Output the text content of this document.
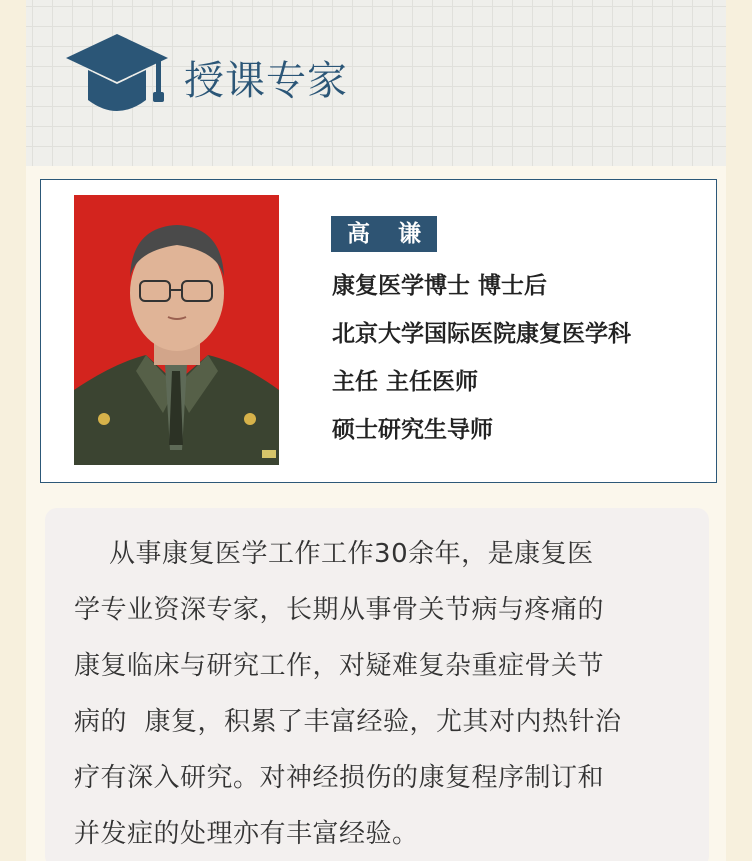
授课专家
高 谦
康复医学博士 博士后
北京大学国际医院康复医学科
主任 主任医师
硕士研究生导师
从事康复医学工作工作30余年，是康复医
学专业资深专家，长期从事骨关节病与疼痛的
康复临床与研究工作，对疑难复杂重症骨关节
病的  康复，积累了丰富经验，尤其对内热针治
疗有深入研究。对神经损伤的康复程序制订和
并发症的处理亦有丰富经验。
